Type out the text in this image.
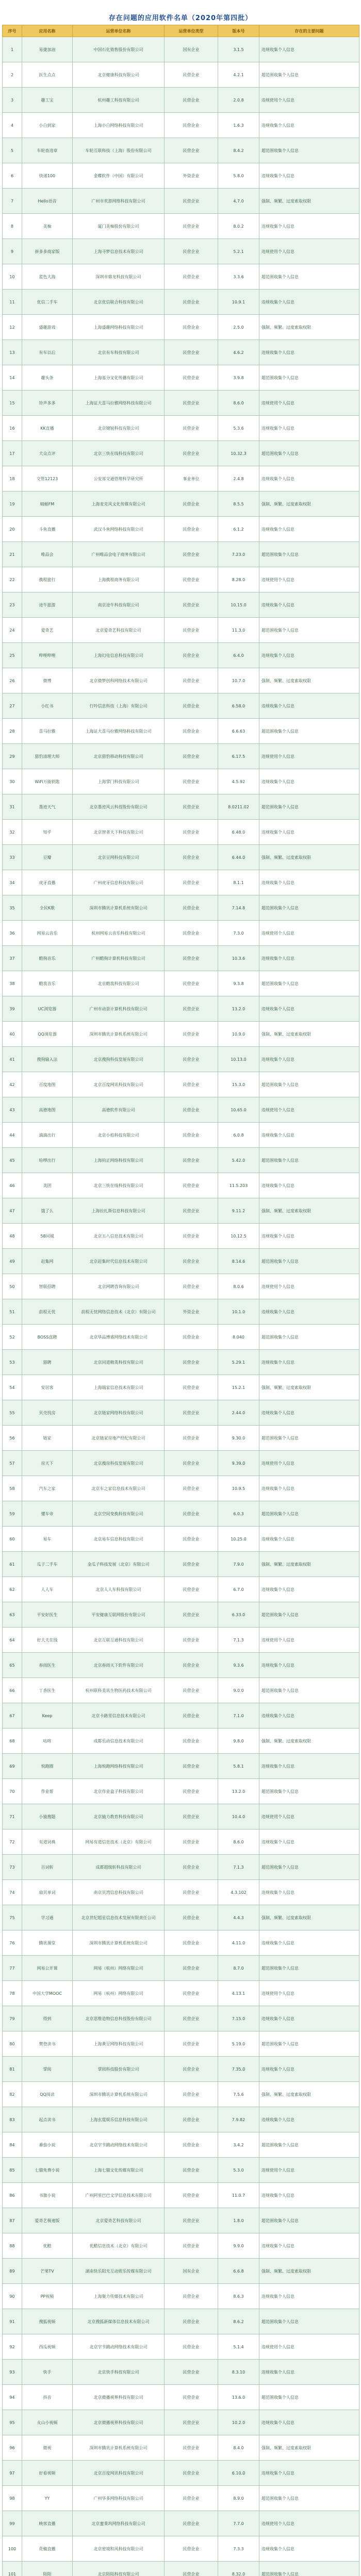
存在问题的应用软件名单（2020年第四批）
序号	应用名称	运营单位名称	运营单位类型	版本号	存在的主要问题
1	易捷加油	中国石化销售股份有限公司	国有企业	3.1.5	违规收集个人信息
2	医生点点	北京健康科技有限公司	民营企业	4.2.1	超范围收集个人信息
3	趣工宝	杭州趣工科技有限公司	民营企业	2.0.8	违规使用个人信息
4	小白到家	上海小白网络科技有限公司	民营企业	1.6.3	违规收集个人信息
5	车轮查违章	车轮互联科技（上海）股份有限公司	民营企业	8.4.2	超范围收集个人信息
6	快递100	金蝶软件（中国）有限公司	外资企业	5.8.0	违规收集个人信息
7	Hello语音	广州市欢游网络科技有限公司	民营企业	4.7.0	强制、频繁、过度索取权限
8	美柚	厦门美柚股份有限公司	民营企业	8.0.2	违规收集个人信息
9	拼多多商家版	上海寻梦信息技术有限公司	民营企业	5.2.1	违规使用个人信息
10	蓝色大海	深圳市鼎龙科技有限公司	民营企业	3.3.6	超范围收集个人信息
11	优信二手车	北京优信联合科技有限公司	民营企业	10.9.1	违规收集个人信息
12	盛趣游戏	上海盛趣网络科技有限公司	民营企业	2.5.0	强制、频繁、过度索取权限
13	有车以后	北京有车科技有限公司	民营企业	4.6.2	违规收集个人信息
14	趣头条	上海基分文化传播有限公司	民营企业	3.9.8	超范围收集个人信息
15	铃声多多	上海证大喜马拉雅网络科技有限公司	民营企业	8.6.0	违规使用个人信息
16	KK直播	北京键锐科技有限公司	民营企业	5.3.6	违规收集个人信息
17	大众点评	北京三快在线科技有限公司	民营企业	10.32.3	超范围收集个人信息
18	交管12123	公安部交通管理科学研究所	事业单位	2.4.8	违规收集个人信息
19	蜻蜓FM	上海麦克风文化传媒有限公司	民营企业	8.5.5	强制、频繁、过度索取权限
20	斗鱼直播	武汉斗鱼网络科技有限公司	民营企业	6.1.2	违规收集个人信息
21	唯品会	广州唯品会电子商务有限公司	民营企业	7.23.0	超范围收集个人信息
22	携程旅行	上海携程商务有限公司	民营企业	8.28.0	违规使用个人信息
23	途牛旅游	南京途牛科技有限公司	民营企业	10.15.0	违规收集个人信息
24	爱奇艺	北京爱奇艺科技有限公司	民营企业	11.3.0	超范围收集个人信息
25	哔哩哔哩	上海幻电信息科技有限公司	民营企业	6.4.0	违规收集个人信息
26	微博	北京微梦创科网络技术有限公司	民营企业	10.7.0	强制、频繁、过度索取权限
27	小红书	行吟信息科技（上海）有限公司	民营企业	6.58.0	违规收集个人信息
28	喜马拉雅	上海证大喜马拉雅网络科技有限公司	民营企业	6.6.63	超范围收集个人信息
29	猎豹清理大师	北京猎豹移动科技有限公司	民营企业	6.17.5	违规使用个人信息
30	WiFi万能钥匙	上海掌门科技有限公司	民营企业	4.5.92	违规收集个人信息
31	墨迹天气	北京墨迹风云科技股份有限公司	民营企业	8.0211.02	超范围收集个人信息
32	知乎	北京智者天下科技有限公司	民营企业	6.48.0	违规收集个人信息
33	豆瓣	北京豆网科技有限公司	民营企业	6.44.0	强制、频繁、过度索取权限
34	虎牙直播	广州虎牙信息科技有限公司	民营企业	8.1.1	违规收集个人信息
35	全民K歌	深圳市腾讯计算机系统有限公司	民营企业	7.14.8	超范围收集个人信息
36	网易云音乐	杭州网易云音乐科技有限公司	民营企业	7.3.0	违规使用个人信息
37	酷狗音乐	广州酷狗计算机科技有限公司	民营企业	10.3.6	违规收集个人信息
38	酷我音乐	北京酷我科技有限公司	民营企业	9.3.8	超范围收集个人信息
39	UC浏览器	广州市动景计算机科技有限公司	民营企业	13.2.0	违规收集个人信息
40	QQ浏览器	深圳市腾讯计算机系统有限公司	民营企业	10.9.0	强制、频繁、过度索取权限
41	搜狗输入法	北京搜狗科技发展有限公司	民营企业	10.13.0	违规收集个人信息
42	百度地图	北京百度网讯科技有限公司	民营企业	15.3.0	超范围收集个人信息
43	高德地图	高德软件有限公司	民营企业	10.65.0	违规使用个人信息
44	滴滴出行	北京小桔科技有限公司	民营企业	6.0.8	违规收集个人信息
45	哈啰出行	上海钧正网络科技有限公司	民营企业	5.42.0	超范围收集个人信息
46	美团	北京三快在线科技有限公司	民营企业	11.5.203	违规收集个人信息
47	饿了么	上海拉扎斯信息科技有限公司	民营企业	9.11.2	强制、频繁、过度索取权限
48	58同城	北京五八信息技术有限公司	民营企业	10.12.5	违规收集个人信息
49	赶集网	北京赶集时代信息技术有限公司	民营企业	8.14.6	超范围收集个人信息
50	智联招聘	北京网聘咨询有限公司	民营企业	8.0.6	违规使用个人信息
51	前程无忧	前程无忧网络信息技术（北京）有限公司	外资企业	10.1.0	违规收集个人信息
52	BOSS直聘	北京华品博睿网络技术有限公司	民营企业	8.040	超范围收集个人信息
53	猎聘	北京同道精英科技有限公司	民营企业	5.29.1	违规收集个人信息
54	安居客	上海瑞家信息技术有限公司	民营企业	15.2.1	强制、频繁、过度索取权限
55	贝壳找房	北京链家网络科技有限公司	民营企业	2.44.0	违规收集个人信息
56	链家	北京链家房地产经纪有限公司	民营企业	9.30.0	超范围收集个人信息
57	房天下	北京搜房科技发展有限公司	民营企业	9.39.0	违规使用个人信息
58	汽车之家	北京车之家信息技术有限公司	民营企业	10.9.5	违规收集个人信息
59	懂车帝	北京空间变换科技有限公司	民营企业	6.0.3	超范围收集个人信息
60	易车	北京易车信息科技有限公司	民营企业	10.25.0	违规收集个人信息
61	瓜子二手车	金瓜子科技发展（北京）有限公司	民营企业	7.9.0	强制、频繁、过度索取权限
62	人人车	北京人人车科技有限公司	民营企业	6.7.0	违规收集个人信息
63	平安好医生	平安健康互联网股份有限公司	民营企业	6.33.0	超范围收集个人信息
64	好大夫在线	北京互联互通科技有限公司	民营企业	7.1.3	违规使用个人信息
65	春雨医生	北京春雨天下软件有限公司	民营企业	9.3.6	违规收集个人信息
66	丁香医生	杭州联科美讯生物医药技术有限公司	民营企业	9.0.0	超范围收集个人信息
67	Keep	北京卡路里信息技术有限公司	民营企业	7.1.0	违规收集个人信息
68	咕咚	成都乐动信息技术有限公司	民营企业	9.8.0	强制、频繁、过度索取权限
69	悦跑圈	上海悦跑网络科技有限公司	民营企业	5.8.1	违规收集个人信息
70	作业帮	北京作业盒子科技有限公司	民营企业	13.2.0	超范围收集个人信息
71	小猿搜题	北京猿力教育科技有限公司	民营企业	10.4.0	违规使用个人信息
72	有道词典	网易有道信息技术（北京）有限公司	民营企业	8.6.0	违规收集个人信息
73	百词斩	成都超级斩科技有限公司	民营企业	7.1.3	超范围收集个人信息
74	扇贝单词	南京贝湾信息科技有限公司	民营企业	4.3.102	违规收集个人信息
75	学习通	北京世纪超星信息技术发展有限责任公司	民营企业	4.4.3	强制、频繁、过度索取权限
76	腾讯课堂	深圳市腾讯计算机系统有限公司	民营企业	4.11.0	违规收集个人信息
77	网易公开课	网易（杭州）网络有限公司	民营企业	8.7.0	超范围收集个人信息
78	中国大学MOOC	网易（杭州）网络有限公司	民营企业	4.13.1	违规使用个人信息
79	得到	北京思维造物信息科技股份有限公司	民营企业	7.15.0	违规收集个人信息
80	樊登读书	上海黄豆网络科技有限公司	民营企业	5.19.0	超范围收集个人信息
81	掌阅	掌阅科技股份有限公司	民营企业	7.35.0	违规收集个人信息
82	QQ阅读	深圳市腾讯计算机系统有限公司	民营企业	7.5.6	强制、频繁、过度索取权限
83	起点读书	上海玄霆娱乐信息科技有限公司	民营企业	7.9.82	违规收集个人信息
84	番茄小说	北京字节跳动网络技术有限公司	民营企业	3.4.2	超范围收集个人信息
85	七猫免费小说	上海七猫文化传媒有限公司	民营企业	5.3.0	违规使用个人信息
86	书旗小说	广州阿里巴巴文学信息技术有限公司	民营企业	11.0.7	违规收集个人信息
87	爱奇艺极速版	北京爱奇艺科技有限公司	民营企业	1.8.0	超范围收集个人信息
88	优酷	优酷信息技术（北京）有限公司	民营企业	9.9.0	违规收集个人信息
89	芒果TV	湖南快乐阳光互动娱乐传媒有限公司	国有企业	6.6.8	强制、频繁、过度索取权限
90	PP视频	上海聚力传媒技术有限公司	民营企业	8.6.3	违规收集个人信息
91	搜狐视频	北京搜狐新媒体信息技术有限公司	民营企业	8.6.2	超范围收集个人信息
92	西瓜视频	北京字节跳动网络技术有限公司	民营企业	5.1.4	违规使用个人信息
93	快手	北京快手科技有限公司	民营企业	8.3.10	违规收集个人信息
94	抖音	北京微播视界科技有限公司	民营企业	13.6.0	超范围收集个人信息
95	火山小视频	北京微播视界科技有限公司	民营企业	10.2.0	违规收集个人信息
96	微视	深圳市腾讯计算机系统有限公司	民营企业	8.4.0	强制、频繁、过度索取权限
97	好看视频	北京百度网讯科技有限公司	民营企业	6.10.0	违规收集个人信息
98	YY	广州华多网络科技有限公司	民营企业	8.9.0	超范围收集个人信息
99	映客直播	北京蜜莱坞网络科技有限公司	民营企业	7.7.0	违规使用个人信息
100	花椒直播	北京密境和风科技有限公司	民营企业	7.3.3	违规收集个人信息
101	陌陌	北京陌陌科技有限公司	民营企业	8.32.0	超范围收集个人信息
